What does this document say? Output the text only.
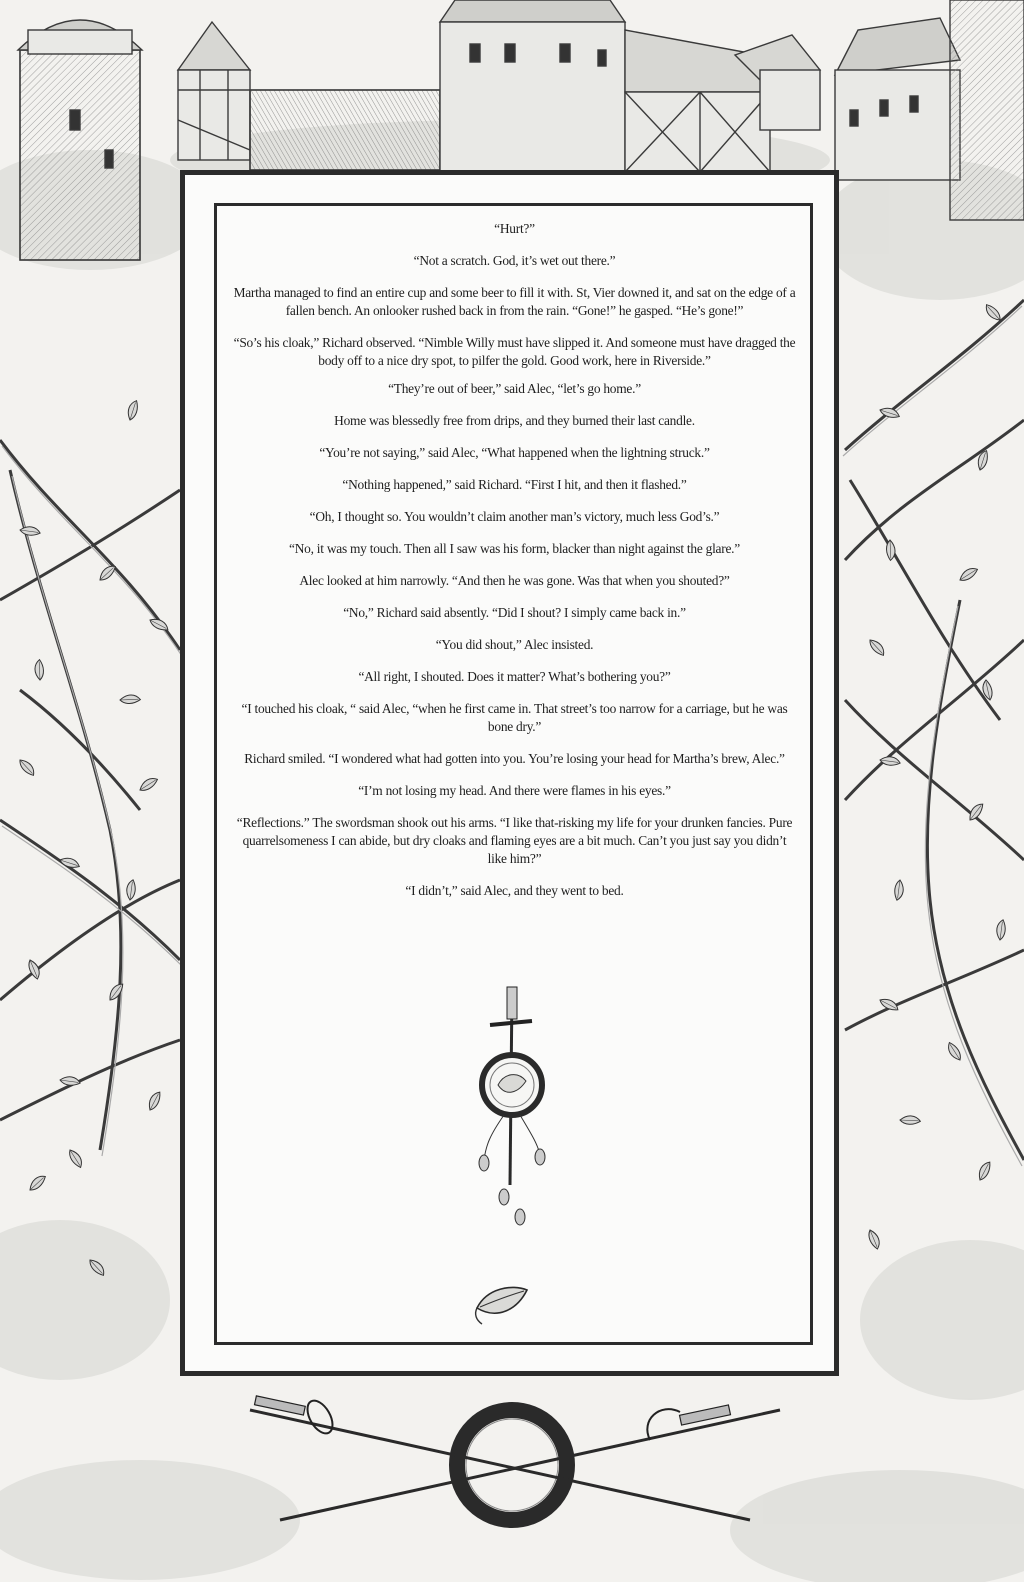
“Hurt?”

“Not a scratch. God, it’s wet out there.”

Martha managed to find an entire cup and some beer to fill it with. St, Vier downed it, and sat on the edge of a fallen bench. An onlooker rushed back in from the rain. “Gone!” he gasped. “He’s gone!”

“So’s his cloak,” Richard observed. “Nimble Willy must have slipped it. And someone must have dragged the body off to a nice dry spot, to pilfer the gold. Good work, here in Riverside.”

“They’re out of beer,” said Alec, “let’s go home.”

Home was blessedly free from drips, and they burned their last candle.

“You’re not saying,” said Alec, “What happened when the lightning struck.”

“Nothing happened,” said Richard. “First I hit, and then it flashed.”

“Oh, I thought so. You wouldn’t claim another man’s victory, much less God’s.”

“No, it was my touch. Then all I saw was his form, blacker than night against the glare.”

Alec looked at him narrowly. “And then he was gone. Was that when you shouted?”

“No,” Richard said absently. “Did I shout? I simply came back in.”

“You did shout,” Alec insisted.

“All right, I shouted. Does it matter? What’s bothering you?”

“I touched his cloak, “ said Alec, “when he first came in. That street’s too narrow for a carriage, but he was bone dry.”

Richard smiled. “I wondered what had gotten into you. You’re losing your head for Martha’s brew, Alec.”

“I’m not losing my head. And there were flames in his eyes.”

“Reflections.” The swordsman shook out his arms. “I like that-risking my life for your drunken fancies. Pure quarrelsomeness I can abide, but dry cloaks and flaming eyes are a bit much. Can’t you just say you didn’t like him?”

“I didn’t,” said Alec, and they went to bed.
